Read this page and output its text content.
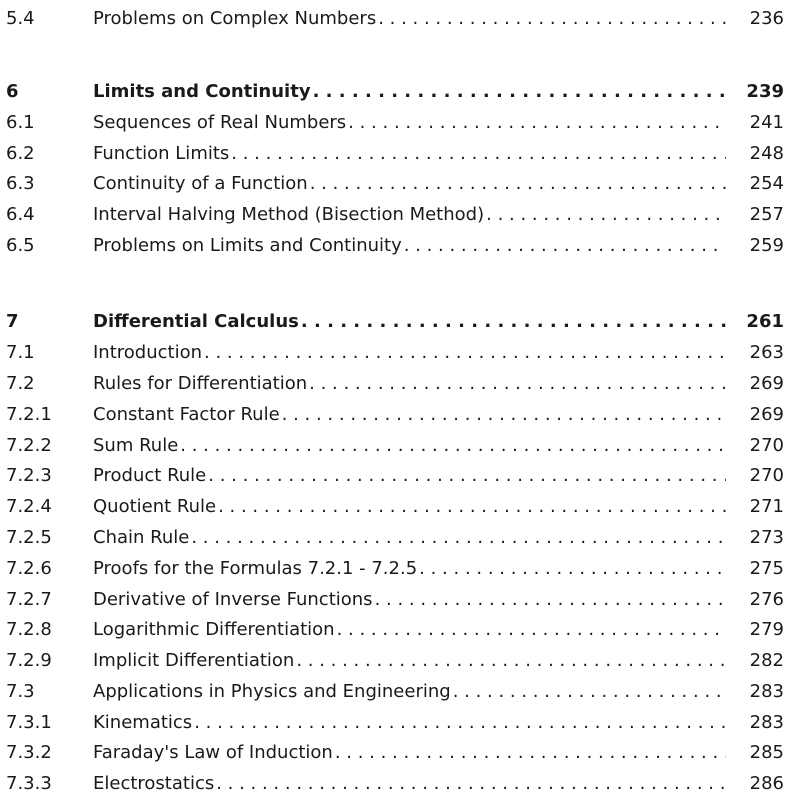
5.4	Problems on Complex Numbers . . .	236
6	Limits and Continuity . . .	239
6.1	Sequences of Real Numbers . . .	241
6.2	Function Limits . . .	248
6.3	Continuity of a Function . . .	254
6.4	Interval Halving Method (Bisection Method) . . .	257
6.5	Problems on Limits and Continuity . . .	259
7	Differential Calculus . . .	261
7.1	Introduction . . .	263
7.2	Rules for Differentiation . . .	269
7.2.1	Constant Factor Rule . . .	269
7.2.2	Sum Rule . . .	270
7.2.3	Product Rule . . .	270
7.2.4	Quotient Rule . . .	271
7.2.5	Chain Rule . . .	273
7.2.6	Proofs for the Formulas 7.2.1 - 7.2.5 . . .	275
7.2.7	Derivative of Inverse Functions . . .	276
7.2.8	Logarithmic Differentiation . . .	279
7.2.9	Implicit Differentiation . . .	282
7.3	Applications in Physics and Engineering . . .	283
7.3.1	Kinematics . . .	283
7.3.2	Faraday's Law of Induction . . .	285
7.3.3	Electrostatics . . .	286
